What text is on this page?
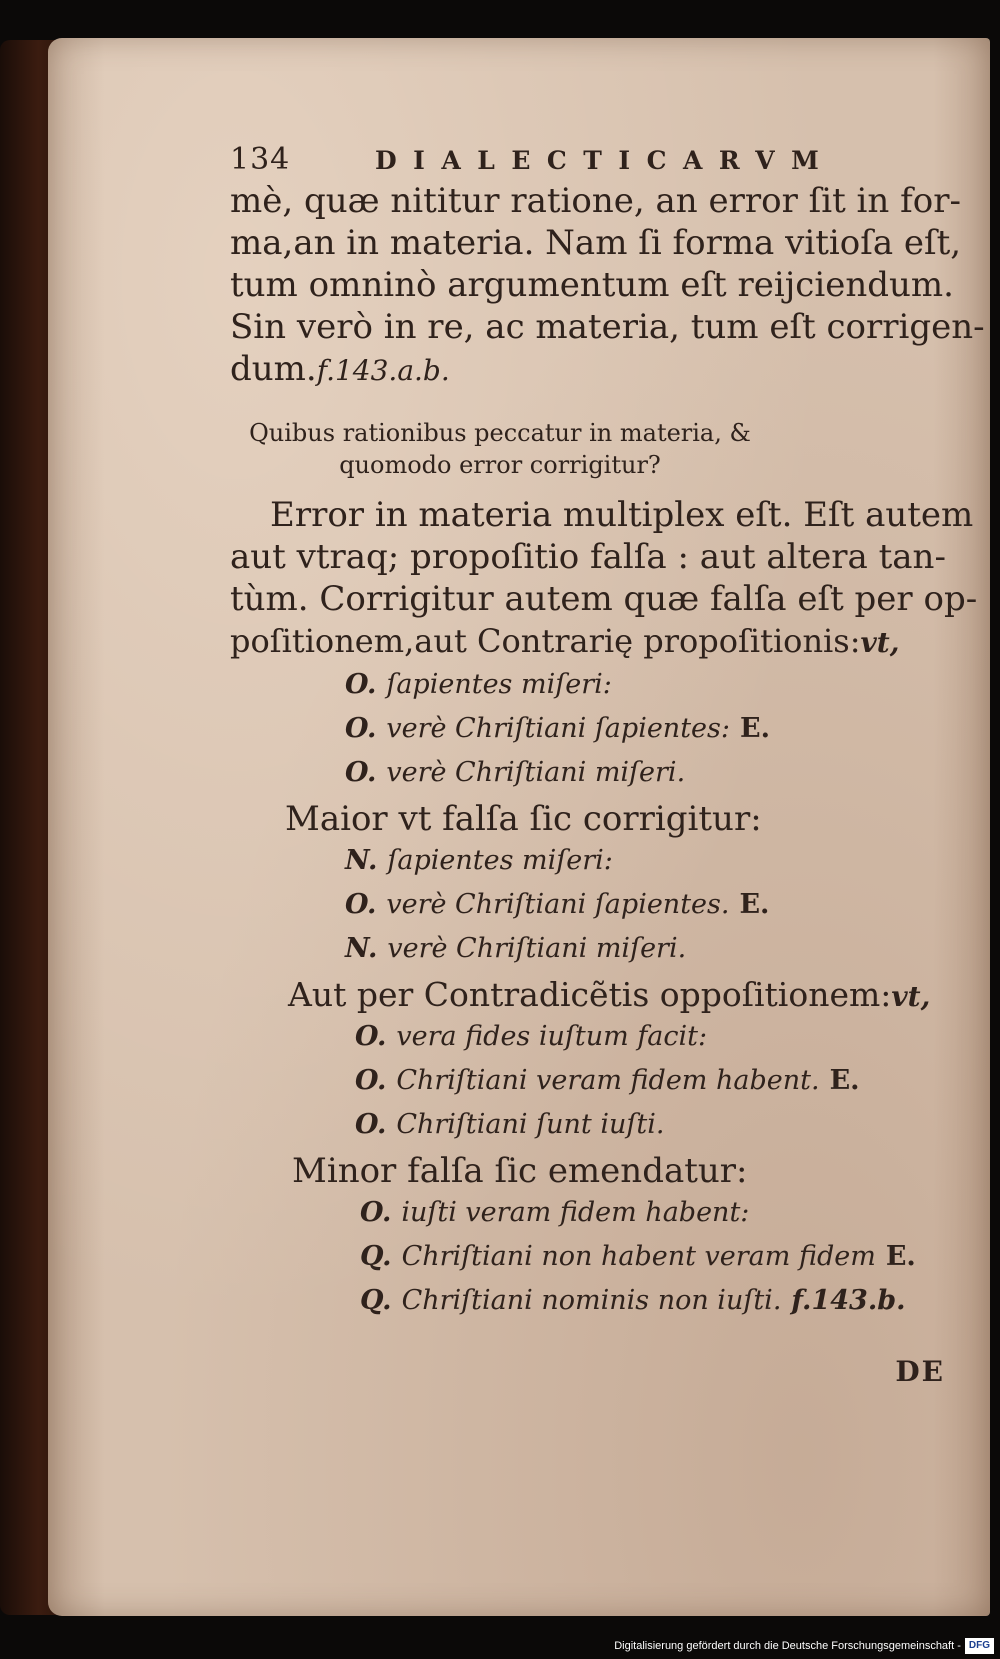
134	DIALECTICARVM
mè, quæ nititur ratione, an error ſit in for-
ma,an in materia. Nam ſi forma vitioſa eſt,
tum omninò argumentum eſt reijciendum.
Sin verò in re, ac materia, tum eſt corrigen-
dum.f.143.a.b.
Quibus rationibus peccatur in materia, &
quomodo error corrigitur?
Error in materia multiplex eſt. Eſt autem
aut vtraq; propoſitio falſa : aut altera tan-
tùm. Corrigitur autem quæ falſa eſt per op-
poſitionem,aut Contrarię propoſitionis:vt,
O. ſapientes miſeri:
O. verè Chriſtiani ſapientes: E.
O. verè Chriſtiani miſeri.
Maior vt falſa ſic corrigitur:
N. ſapientes miſeri:
O. verè Chriſtiani ſapientes. E.
N. verè Chriſtiani miſeri.
Aut per Contradicẽtis oppoſitionem:vt,
O. vera fides iuſtum facit:
O. Chriſtiani veram fidem habent. E.
O. Chriſtiani ſunt iuſti.
Minor falſa ſic emendatur:
O. iuſti veram fidem habent:
Q. Chriſtiani non habent veram fidem E.
Q. Chriſtiani nominis non iuſti. f.143.b.
DE
Digitalisierung gefördert durch die Deutsche Forschungsgemeinschaft - DFG
